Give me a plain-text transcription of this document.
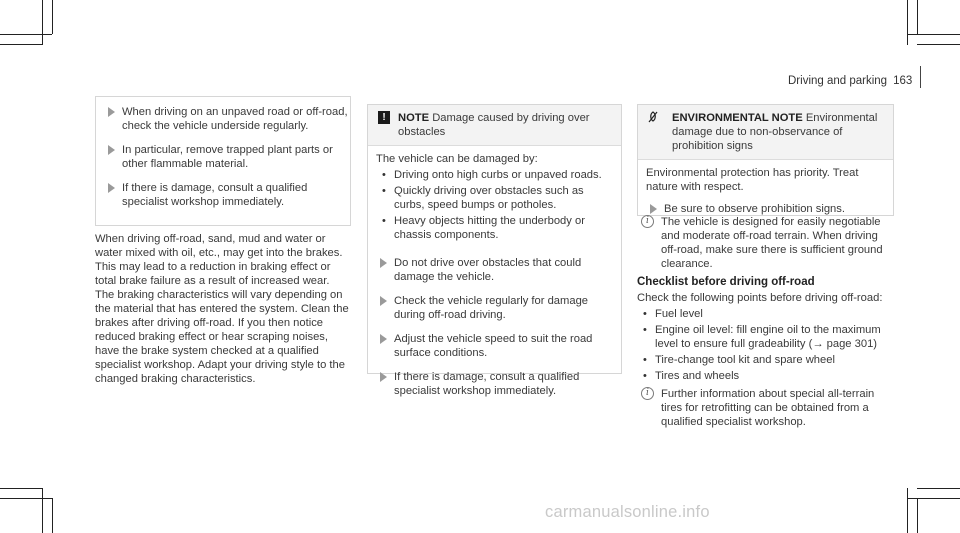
Driving and parking 163

When driving on an unpaved road or off-road, check the vehicle underside regularly.

In particular, remove trapped plant parts or other flammable material.

If there is damage, consult a qualified specialist workshop immediately.

When driving off-road, sand, mud and water or water mixed with oil, etc., may get into the brakes. This may lead to a reduction in braking effect or total brake failure as a result of increased wear. The braking characteristics will vary depending on the material that has entered the system. Clean the brakes after driving off-road. If you then notice reduced braking effect or hear scraping noises, have the brake system checked at a qualified specialist workshop. Adapt your driving style to the changed braking characteristics.

! NOTE Damage caused by driving over obstacles

The vehicle can be damaged by:

• Driving onto high curbs or unpaved roads.

• Quickly driving over obstacles such as curbs, speed bumps or potholes.

• Heavy objects hitting the underbody or chassis components.

Do not drive over obstacles that could damage the vehicle.

Check the vehicle regularly for damage during off-road driving.

Adjust the vehicle speed to suit the road surface conditions.

If there is damage, consult a qualified specialist workshop immediately.

ENVIRONMENTAL NOTE Environmental damage due to non-observance of prohibition signs

Environmental protection has priority. Treat nature with respect.

Be sure to observe prohibition signs.

i	The vehicle is designed for easily negotiable and moderate off-road terrain. When driving off-road, make sure there is sufficient ground clearance.

Checklist before driving off-road

Check the following points before driving off-road:

• Fuel level

• Engine oil level: fill engine oil to the maximum level to ensure full gradeability (→ page 301)

• Tire-change tool kit and spare wheel

• Tires and wheels

i	Further information about special all-terrain tires for retrofitting can be obtained from a qualified specialist workshop.

carmanualsonline.info
